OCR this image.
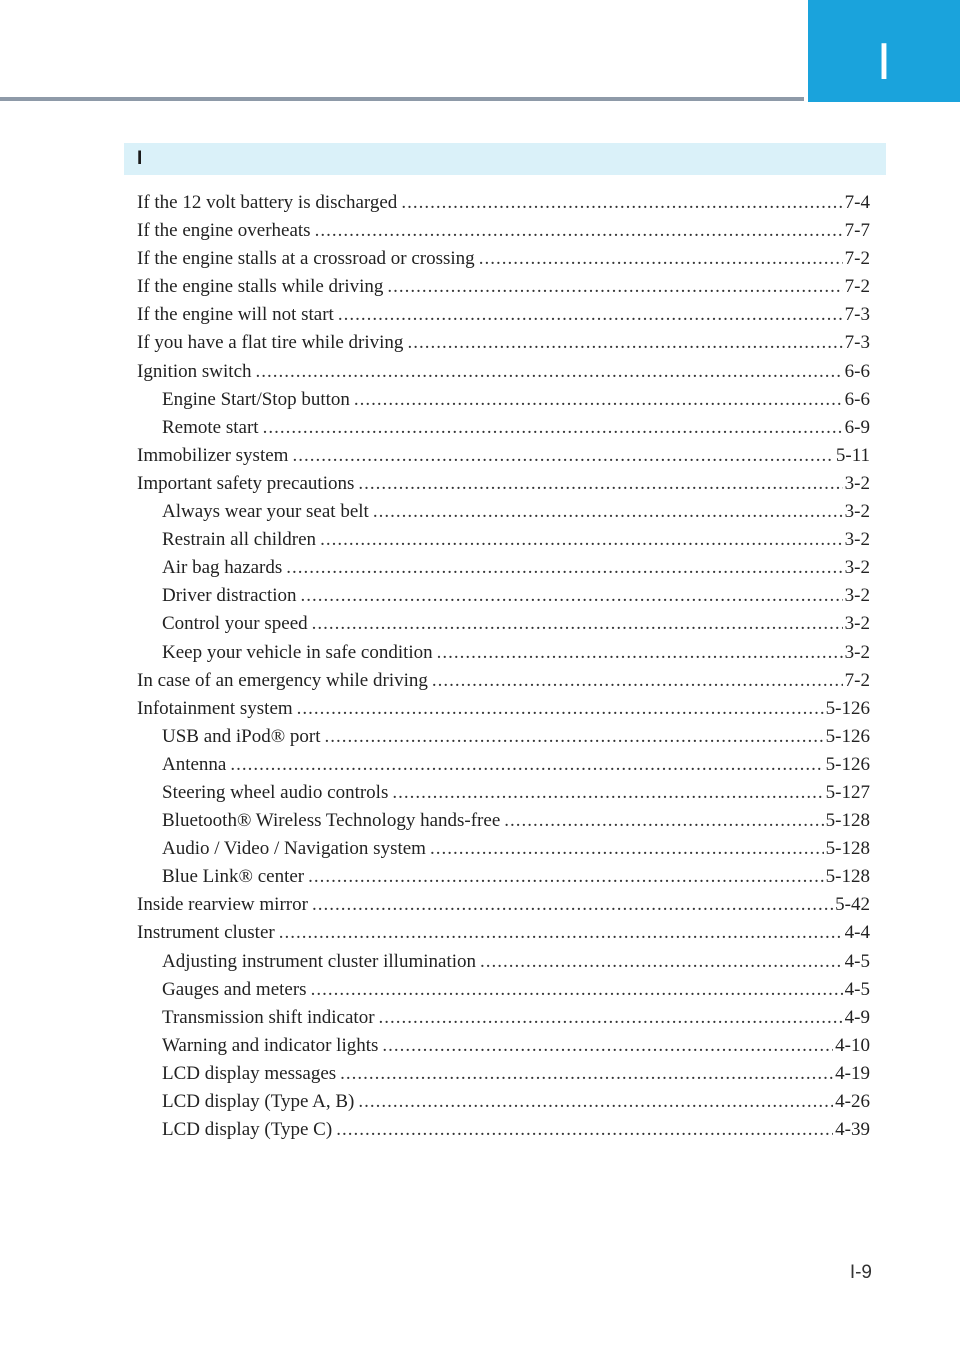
I
I
If the 12 volt battery is discharged .....	7-4
If the engine overheats .....	7-7
If the engine stalls at a crossroad or crossing .....	7-2
If the engine stalls while driving .....	7-2
If the engine will not start .....	7-3
If you have a flat tire while driving .....	7-3
Ignition switch .....	6-6
Engine Start/Stop button .....	6-6
Remote start .....	6-9
Immobilizer system .....	5-11
Important safety precautions .....	3-2
Always wear your seat belt .....	3-2
Restrain all children .....	3-2
Air bag hazards .....	3-2
Driver distraction .....	3-2
Control your speed .....	3-2
Keep your vehicle in safe condition .....	3-2
In case of an emergency while driving .....	7-2
Infotainment system .....	5-126
USB and iPod® port .....	5-126
Antenna .....	5-126
Steering wheel audio controls .....	5-127
Bluetooth® Wireless Technology hands-free .....	5-128
Audio / Video / Navigation system .....	5-128
Blue Link® center .....	5-128
Inside rearview mirror .....	5-42
Instrument cluster .....	4-4
Adjusting instrument cluster illumination .....	4-5
Gauges and meters .....	4-5
Transmission shift indicator .....	4-9
Warning and indicator lights .....	4-10
LCD display messages .....	4-19
LCD display (Type A, B) .....	4-26
LCD display (Type C) .....	4-39
I-9
